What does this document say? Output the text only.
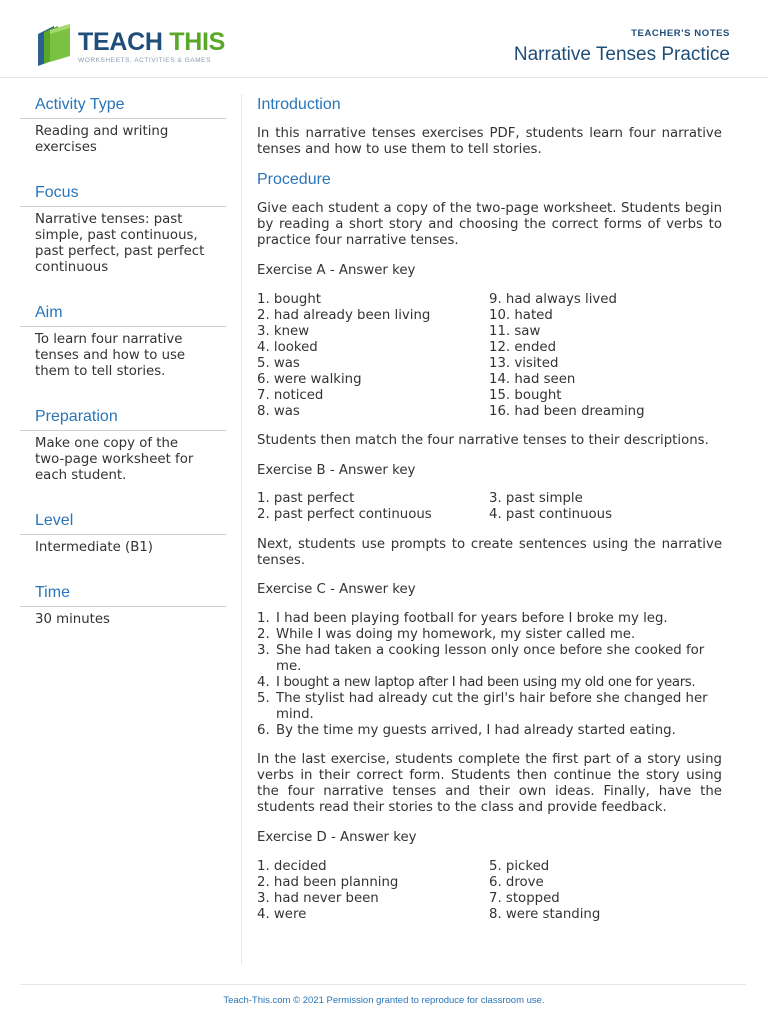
TEACH THIS
WORKSHEETS, ACTIVITIES & GAMES
TEACHER'S NOTES
Narrative Tenses Practice
Activity Type
Reading and writing
exercises
Focus
Narrative tenses: past
simple, past continuous,
past perfect, past perfect
continuous
Aim
To learn four narrative
tenses and how to use
them to tell stories.
Preparation
Make one copy of the
two-page worksheet for
each student.
Level
Intermediate (B1)
Time
30 minutes
Introduction
In this narrative tenses exercises PDF, students learn four narrative tenses and how to use them to tell stories.
Procedure
Give each student a copy of the two-page worksheet. Students begin by reading a short story and choosing the correct forms of verbs to practice four narrative tenses.
Exercise A - Answer key
1. bought
2. had already been living
3. knew
4. looked
5. was
6. were walking
7. noticed
8. was
9. had always lived
10. hated
11. saw
12. ended
13. visited
14. had seen
15. bought
16. had been dreaming
Students then match the four narrative tenses to their descriptions.
Exercise B - Answer key
1. past perfect
2. past perfect continuous
3. past simple
4. past continuous
Next, students use prompts to create sentences using the narrative tenses.
Exercise C - Answer key
1. I had been playing football for years before I broke my leg.
2. While I was doing my homework, my sister called me.
3. She had taken a cooking lesson only once before she cooked for me.
4. I bought a new laptop after I had been using my old one for years.
5. The stylist had already cut the girl's hair before she changed her mind.
6. By the time my guests arrived, I had already started eating.
In the last exercise, students complete the first part of a story using verbs in their correct form. Students then continue the story using the four narrative tenses and their own ideas. Finally, have the students read their stories to the class and provide feedback.
Exercise D - Answer key
1. decided
2. had been planning
3. had never been
4. were
5. picked
6. drove
7. stopped
8. were standing
Teach-This.com © 2021 Permission granted to reproduce for classroom use.
